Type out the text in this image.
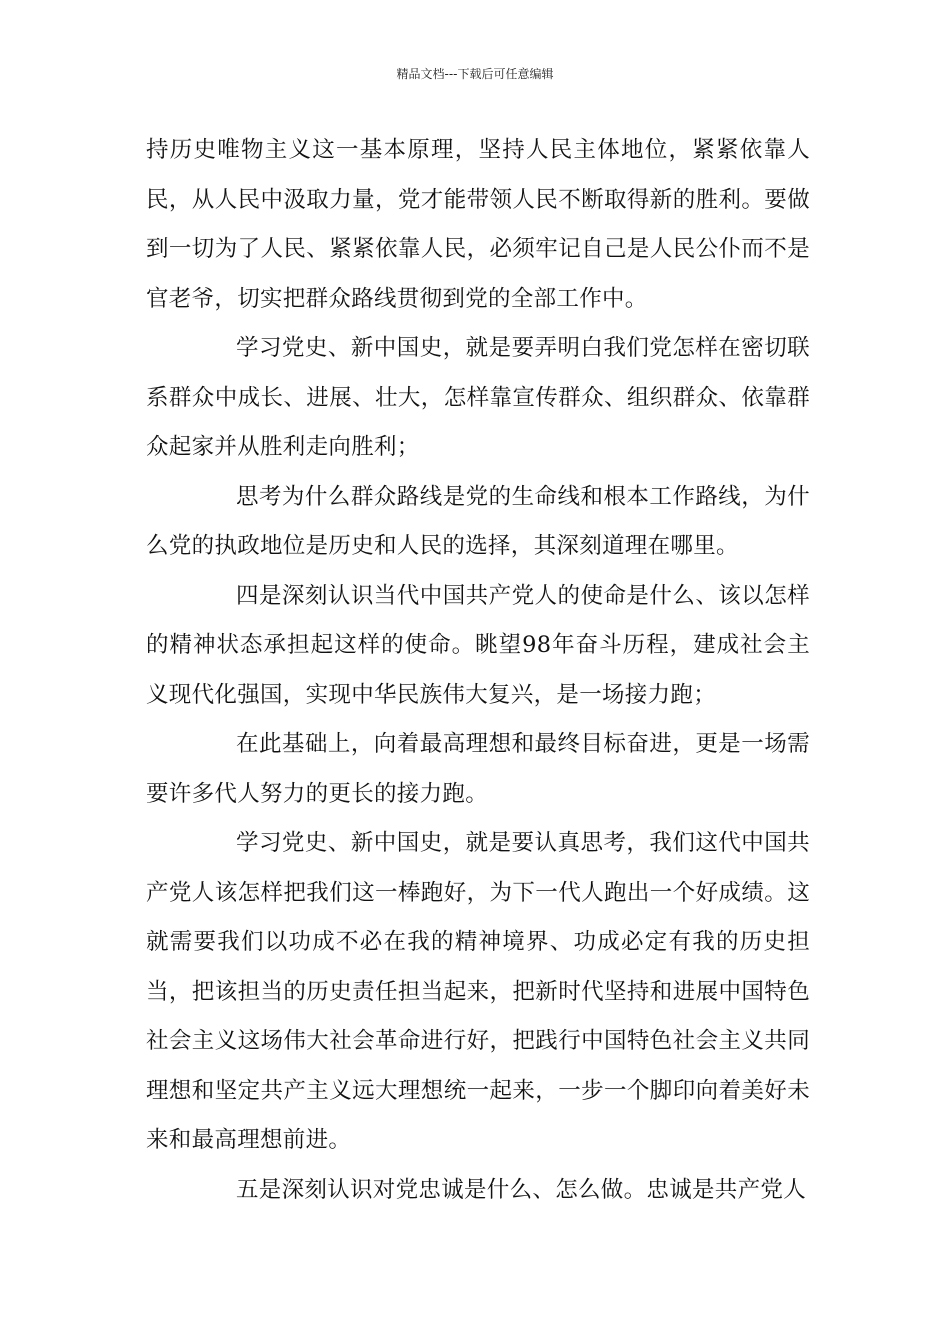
精品文档---下载后可任意编辑

持历史唯物主义这一基本原理，坚持人民主体地位，紧紧依靠人民，从人民中汲取力量，党才能带领人民不断取得新的胜利。要做到一切为了人民、紧紧依靠人民，必须牢记自己是人民公仆而不是官老爷，切实把群众路线贯彻到党的全部工作中。

学习党史、新中国史，就是要弄明白我们党怎样在密切联系群众中成长、进展、壮大，怎样靠宣传群众、组织群众、依靠群众起家并从胜利走向胜利；

思考为什么群众路线是党的生命线和根本工作路线，为什么党的执政地位是历史和人民的选择，其深刻道理在哪里。

四是深刻认识当代中国共产党人的使命是什么、该以怎样的精神状态承担起这样的使命。眺望98年奋斗历程，建成社会主义现代化强国，实现中华民族伟大复兴，是一场接力跑；

在此基础上，向着最高理想和最终目标奋进，更是一场需要许多代人努力的更长的接力跑。

学习党史、新中国史，就是要认真思考，我们这代中国共产党人该怎样把我们这一棒跑好，为下一代人跑出一个好成绩。这就需要我们以功成不必在我的精神境界、功成必定有我的历史担当，把该担当的历史责任担当起来，把新时代坚持和进展中国特色社会主义这场伟大社会革命进行好，把践行中国特色社会主义共同理想和坚定共产主义远大理想统一起来，一步一个脚印向着美好未来和最高理想前进。

五是深刻认识对党忠诚是什么、怎么做。忠诚是共产党人
